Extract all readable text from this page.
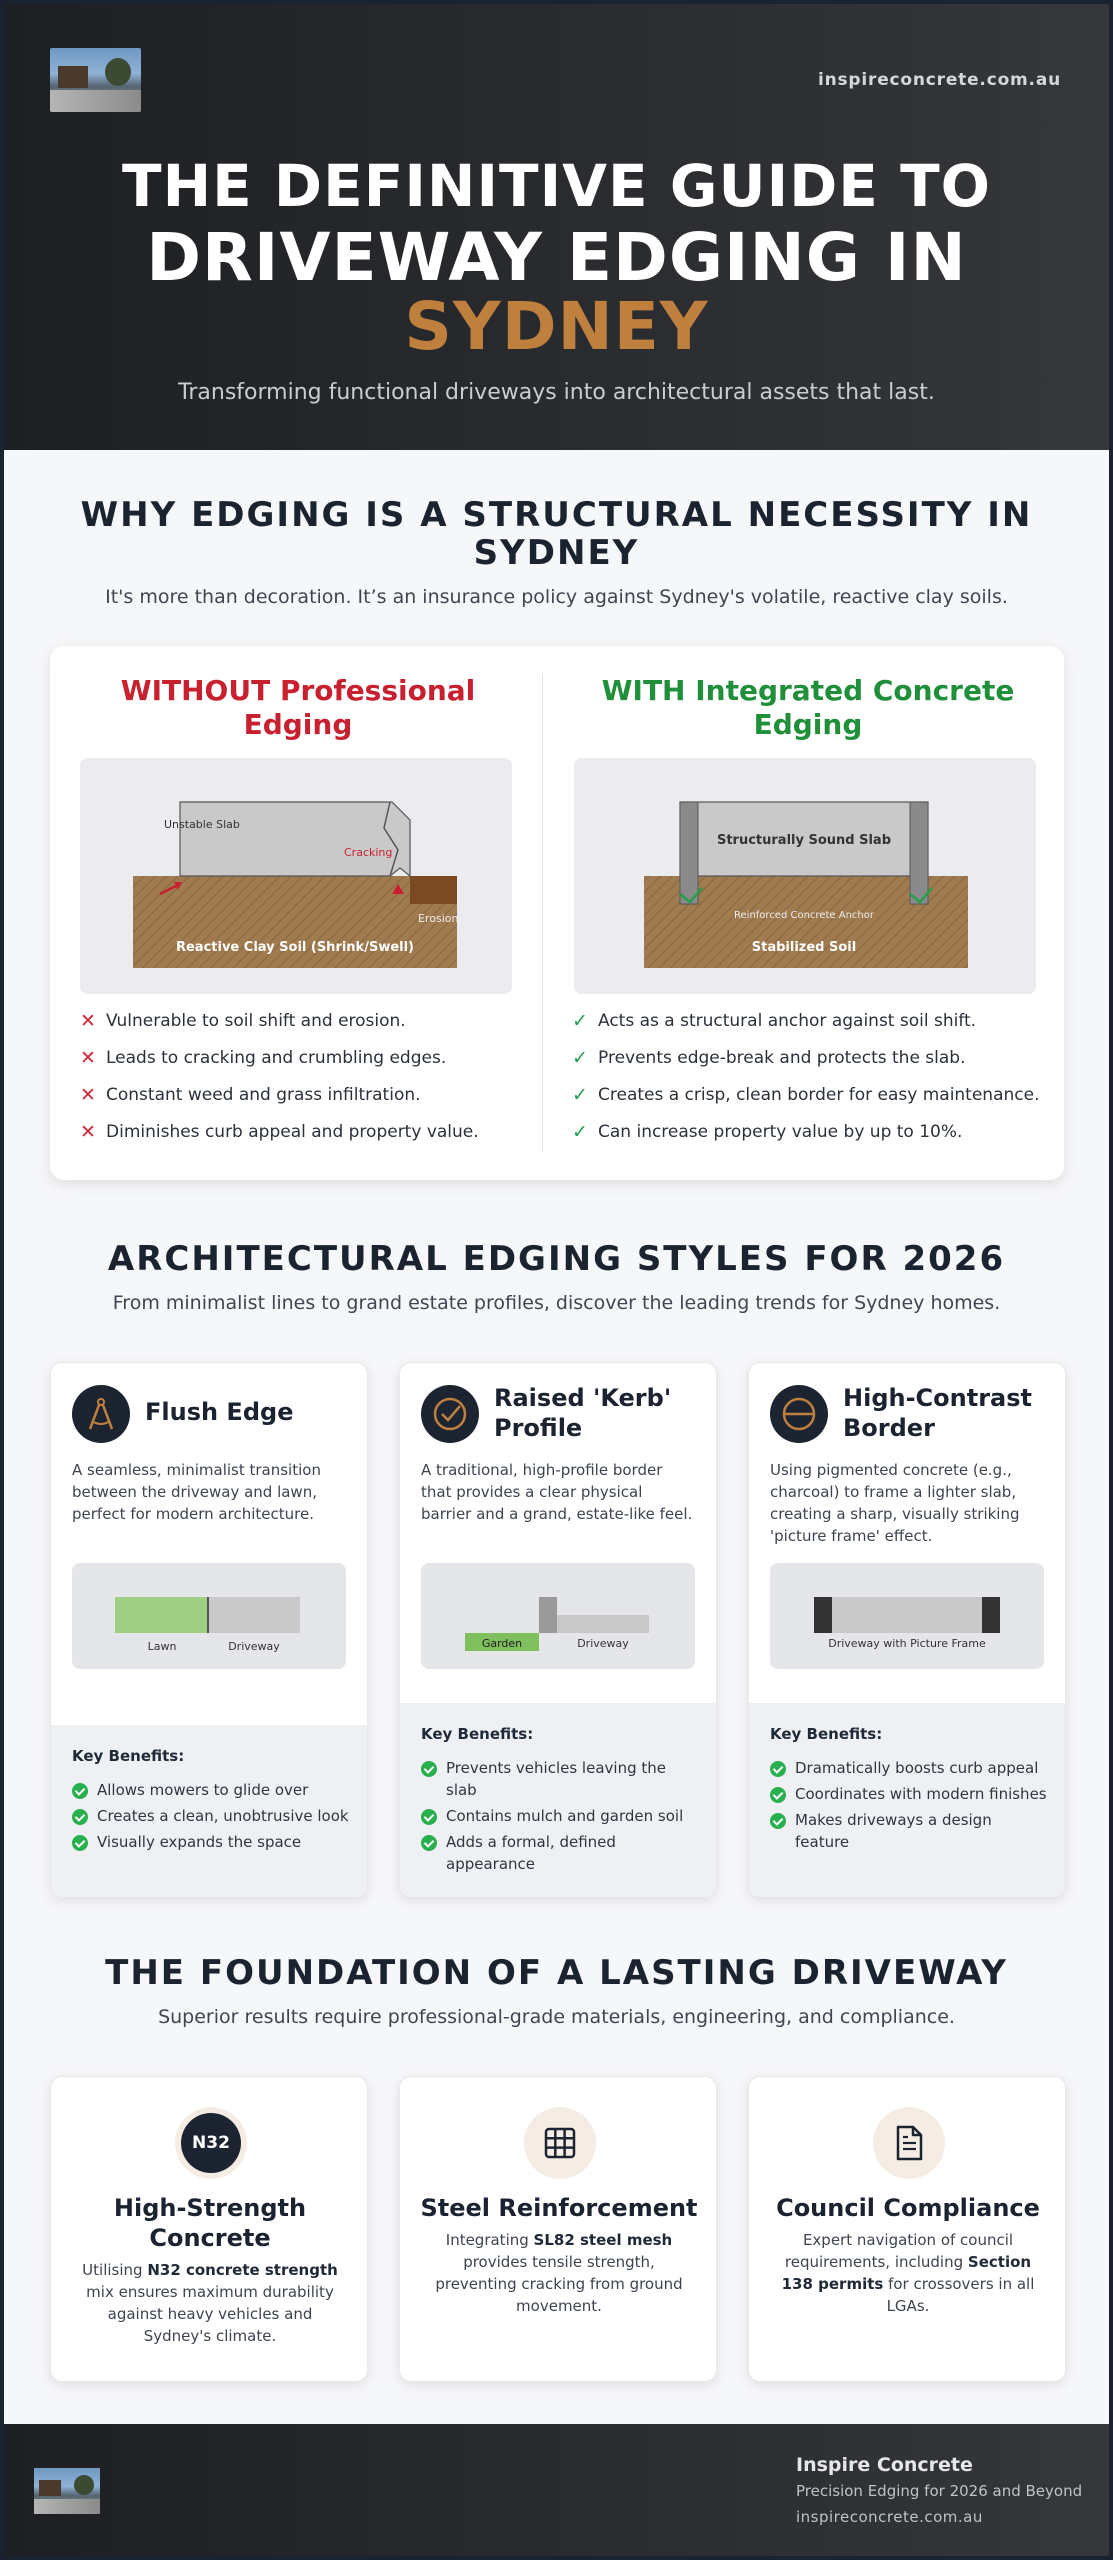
inspireconcrete.com.au
THE DEFINITIVE GUIDE TO
DRIVEWAY EDGING IN
SYDNEY
Transforming functional driveways into architectural assets that last.
WHY EDGING IS A STRUCTURAL NECESSITY IN SYDNEY
It's more than decoration. It’s an insurance policy against Sydney's volatile, reactive clay soils.
WITHOUT Professional Edging
Unstable Slab
Cracking
Erosion
Reactive Clay Soil (Shrink/Swell)
✕ Vulnerable to soil shift and erosion.
✕ Leads to cracking and crumbling edges.
✕ Constant weed and grass infiltration.
✕ Diminishes curb appeal and property value.
WITH Integrated Concrete Edging
Structurally Sound Slab
Reinforced Concrete Anchor
Stabilized Soil
✓ Acts as a structural anchor against soil shift.
✓ Prevents edge-break and protects the slab.
✓ Creates a crisp, clean border for easy maintenance.
✓ Can increase property value by up to 10%.
ARCHITECTURAL EDGING STYLES FOR 2026
From minimalist lines to grand estate profiles, discover the leading trends for Sydney homes.
Flush Edge
A seamless, minimalist transition between the driveway and lawn, perfect for modern architecture.
Lawn	Driveway
Key Benefits:
Allows mowers to glide over
Creates a clean, unobtrusive look
Visually expands the space
Raised 'Kerb' Profile
A traditional, high-profile border that provides a clear physical barrier and a grand, estate-like feel.
Garden	Driveway
Key Benefits:
Prevents vehicles leaving the slab
Contains mulch and garden soil
Adds a formal, defined appearance
High-Contrast Border
Using pigmented concrete (e.g., charcoal) to frame a lighter slab, creating a sharp, visually striking 'picture frame' effect.
Driveway with Picture Frame
Key Benefits:
Dramatically boosts curb appeal
Coordinates with modern finishes
Makes driveways a design feature
THE FOUNDATION OF A LASTING DRIVEWAY
Superior results require professional-grade materials, engineering, and compliance.
N32
High-Strength Concrete
Utilising N32 concrete strength mix ensures maximum durability against heavy vehicles and Sydney's climate.
Steel Reinforcement
Integrating SL82 steel mesh provides tensile strength, preventing cracking from ground movement.
Council Compliance
Expert navigation of council requirements, including Section 138 permits for crossovers in all LGAs.
Inspire Concrete
Precision Edging for 2026 and Beyond
inspireconcrete.com.au
